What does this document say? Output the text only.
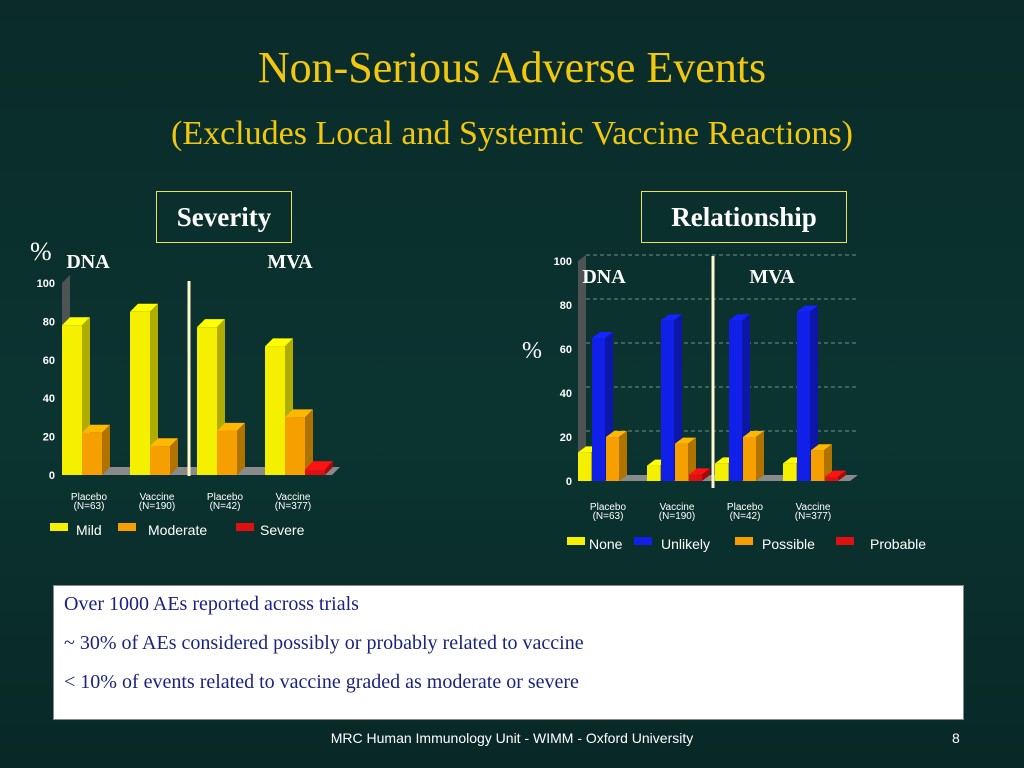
Non-Serious Adverse Events
(Excludes Local and Systemic Vaccine Reactions)
Severity	Relationship
0
20
40
60
80
100
Placebo
(N=63)
Vaccine
(N=190)
Placebo
(N=42)
Vaccine
(N=377)
DNA	MVA
%
Mild	Moderate	Severe
0
20
40
60
80
100
Placebo
(N=63)
Vaccine
(N=190)
Placebo
(N=42)
Vaccine
(N=377)
DNA	MVA
%
None	Unlikely	Possible	Probable

Over 1000 AEs reported across trials

~ 30% of AEs considered possibly or probably related to vaccine

< 10% of events related to vaccine graded as moderate or severe

MRC Human Immunology Unit - WIMM - Oxford University	8
